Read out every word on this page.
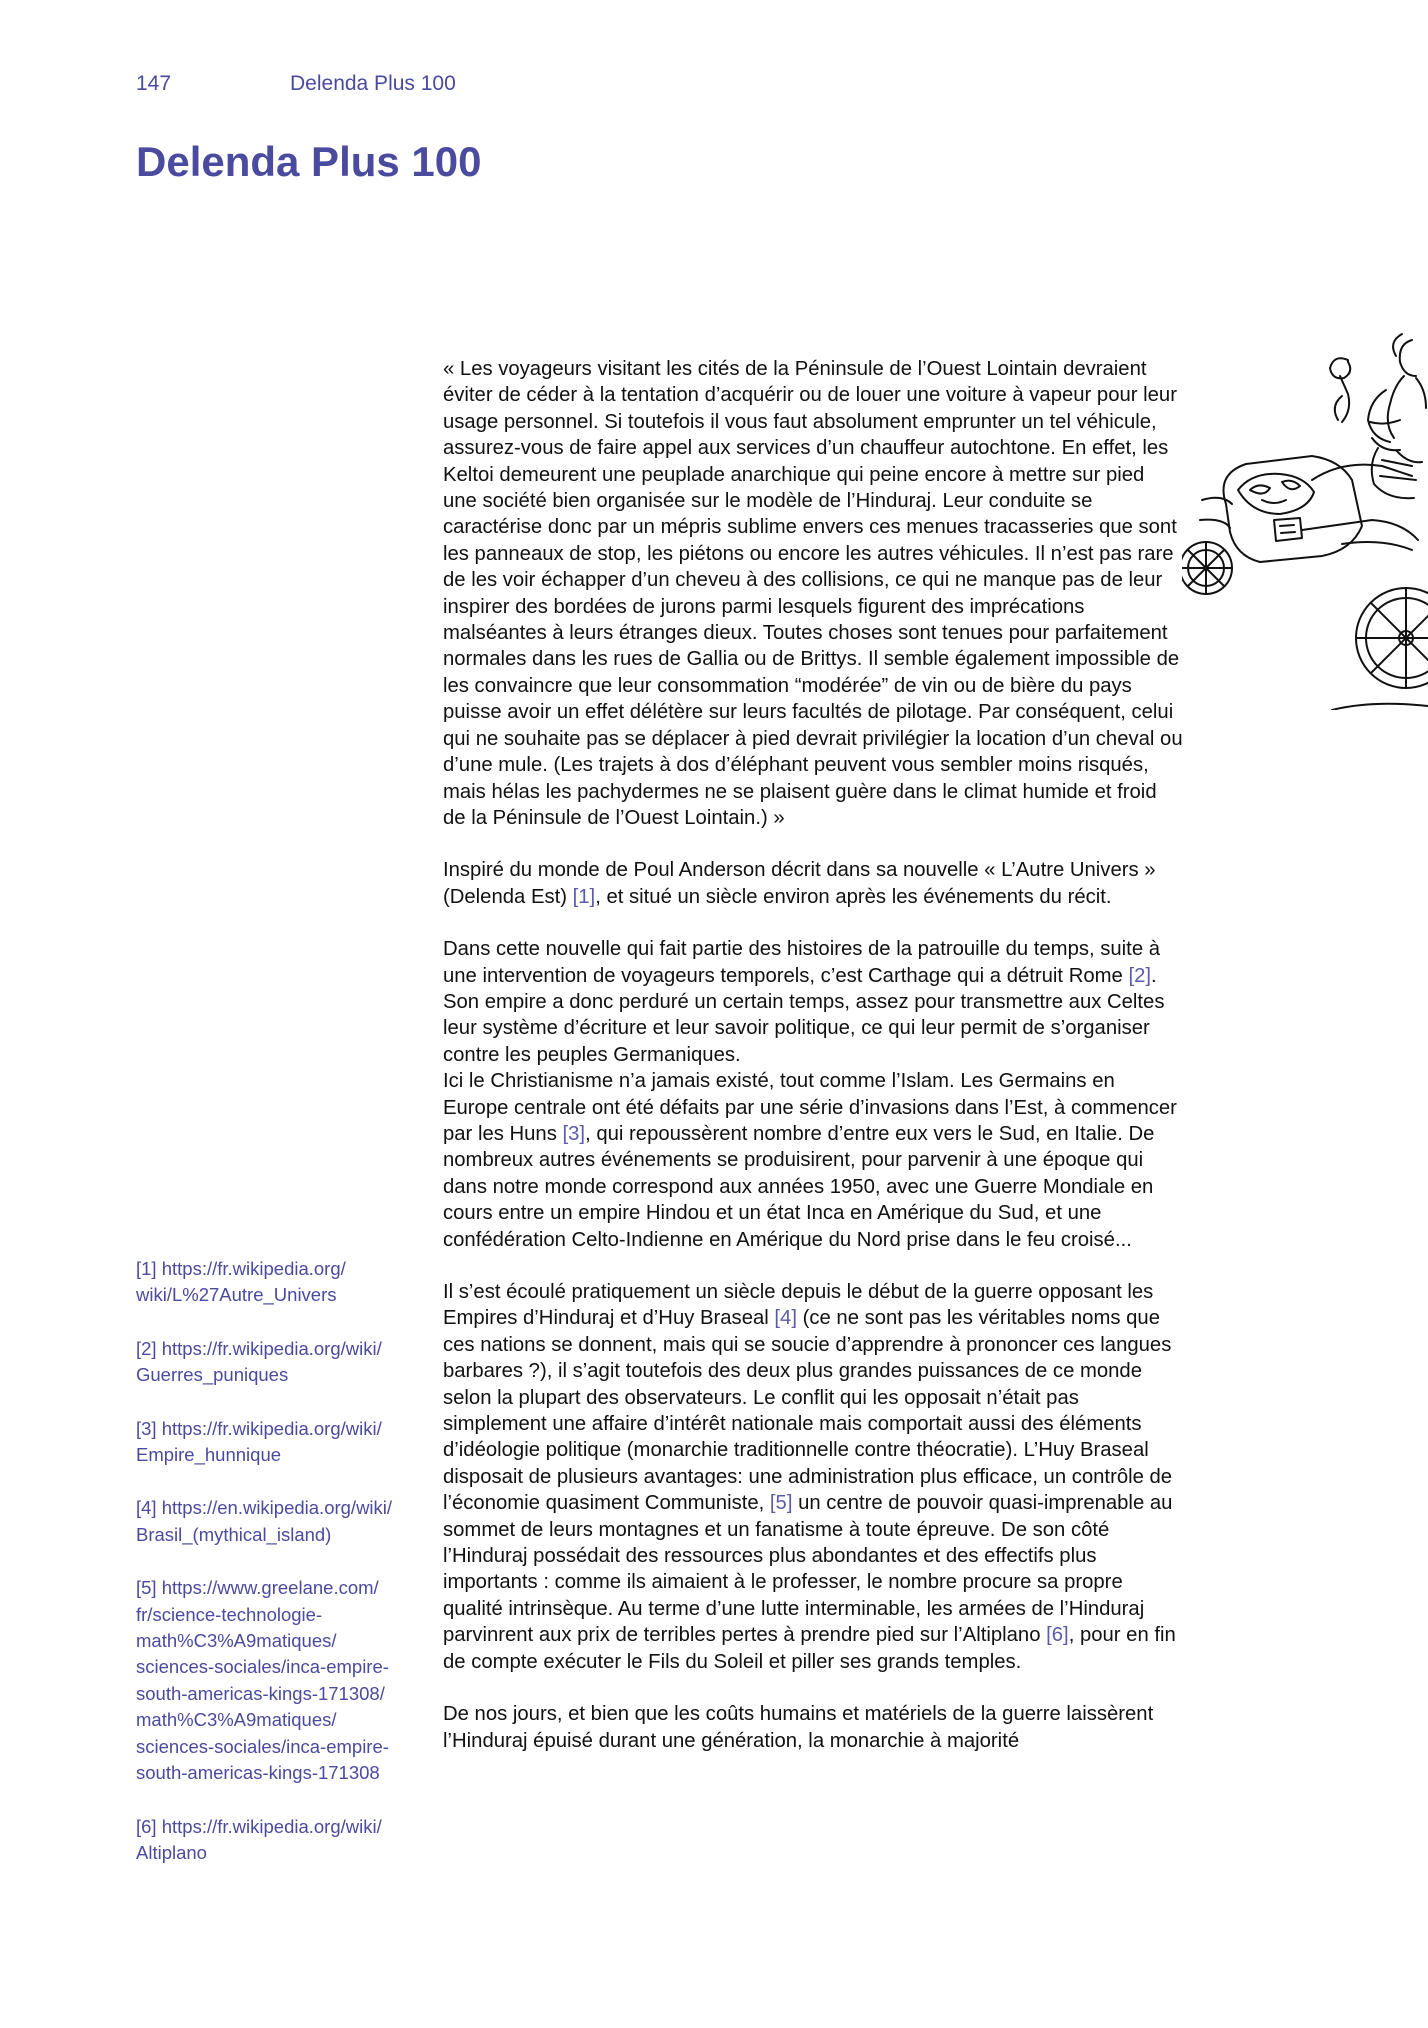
147	Delenda Plus 100
Delenda Plus 100

« Les voyageurs visitant les cités de la Péninsule de l’Ouest Lointain devraient éviter de céder à la tentation d’acquérir ou de louer une voiture à vapeur pour leur usage personnel. Si toutefois il vous faut absolument emprunter un tel véhicule, assurez-vous de faire appel aux services d’un chauffeur autochtone. En effet, les Keltoi demeurent une peuplade anarchique qui peine encore à mettre sur pied une société bien organisée sur le modèle de l’Hinduraj. Leur conduite se caractérise donc par un mépris sublime envers ces menues tracasseries que sont les panneaux de stop, les piétons ou encore les autres véhicules. Il n’est pas rare de les voir échapper d’un cheveu à des collisions, ce qui ne manque pas de leur inspirer des bordées de jurons parmi lesquels figurent des imprécations malséantes à leurs étranges dieux. Toutes choses sont tenues pour parfaitement normales dans les rues de Gallia ou de Brittys. Il semble également impossible de les convaincre que leur consommation “modérée” de vin ou de bière du pays puisse avoir un effet délétère sur leurs facultés de pilotage. Par conséquent, celui qui ne souhaite pas se déplacer à pied devrait privilégier la location d’un cheval ou d’une mule. (Les trajets à dos d’éléphant peuvent vous sembler moins risqués, mais hélas les pachydermes ne se plaisent guère dans le climat humide et froid de la Péninsule de l’Ouest Lointain.) »

Inspiré du monde de Poul Anderson décrit dans sa nouvelle « L’Autre Univers » (Delenda Est) [1], et situé un siècle environ après les événements du récit.

Dans cette nouvelle qui fait partie des histoires de la patrouille du temps, suite à une intervention de voyageurs temporels, c’est Carthage qui a détruit Rome [2]. Son empire a donc perduré un certain temps, assez pour transmettre aux Celtes leur système d’écriture et leur savoir politique, ce qui leur permit de s’organiser contre les peuples Germaniques.
Ici le Christianisme n’a jamais existé, tout comme l’Islam. Les Germains en Europe centrale ont été défaits par une série d’invasions dans l’Est, à commencer par les Huns [3], qui repoussèrent nombre d’entre eux vers le Sud, en Italie. De nombreux autres événements se produisirent, pour parvenir à une époque qui dans notre monde correspond aux années 1950, avec une Guerre Mondiale en cours entre un empire Hindou et un état Inca en Amérique du Sud, et une confédération Celto-Indienne en Amérique du Nord prise dans le feu croisé...

Il s’est écoulé pratiquement un siècle depuis le début de la guerre opposant les Empires d’Hinduraj et d’Huy Braseal [4] (ce ne sont pas les véritables noms que ces nations se donnent, mais qui se soucie d’apprendre à prononcer ces langues barbares ?), il s’agit toutefois des deux plus grandes puissances de ce monde selon la plupart des observateurs. Le conflit qui les opposait n’était pas simplement une affaire d’intérêt nationale mais comportait aussi des éléments d’idéologie politique (monarchie traditionnelle contre théocratie). L’Huy Braseal disposait de plusieurs avantages: une administration plus efficace, un contrôle de l’économie quasiment Communiste, [5] un centre de pouvoir quasi-imprenable au sommet de leurs montagnes et un fanatisme à toute épreuve. De son côté l’Hinduraj possédait des ressources plus abondantes et des effectifs plus importants : comme ils aimaient à le professer, le nombre procure sa propre qualité intrinsèque. Au terme d’une lutte interminable, les armées de l’Hinduraj parvinrent aux prix de terribles pertes à prendre pied sur l’Altiplano [6], pour en fin de compte exécuter le Fils du Soleil et piller ses grands temples.

De nos jours, et bien que les coûts humains et matériels de la guerre laissèrent l’Hinduraj épuisé durant une génération, la monarchie à majorité

[1] https://fr.wikipedia.org/
wiki/L%27Autre_Univers

[2] https://fr.wikipedia.org/wiki/
Guerres_puniques

[3] https://fr.wikipedia.org/wiki/
Empire_hunnique

[4] https://en.wikipedia.org/wiki/
Brasil_(mythical_island)

[5] https://www.greelane.com/
fr/science-technologie-
math%C3%A9matiques/
sciences-sociales/inca-empire-
south-americas-kings-171308/
math%C3%A9matiques/
sciences-sociales/inca-empire-
south-americas-kings-171308

[6] https://fr.wikipedia.org/wiki/
Altiplano
